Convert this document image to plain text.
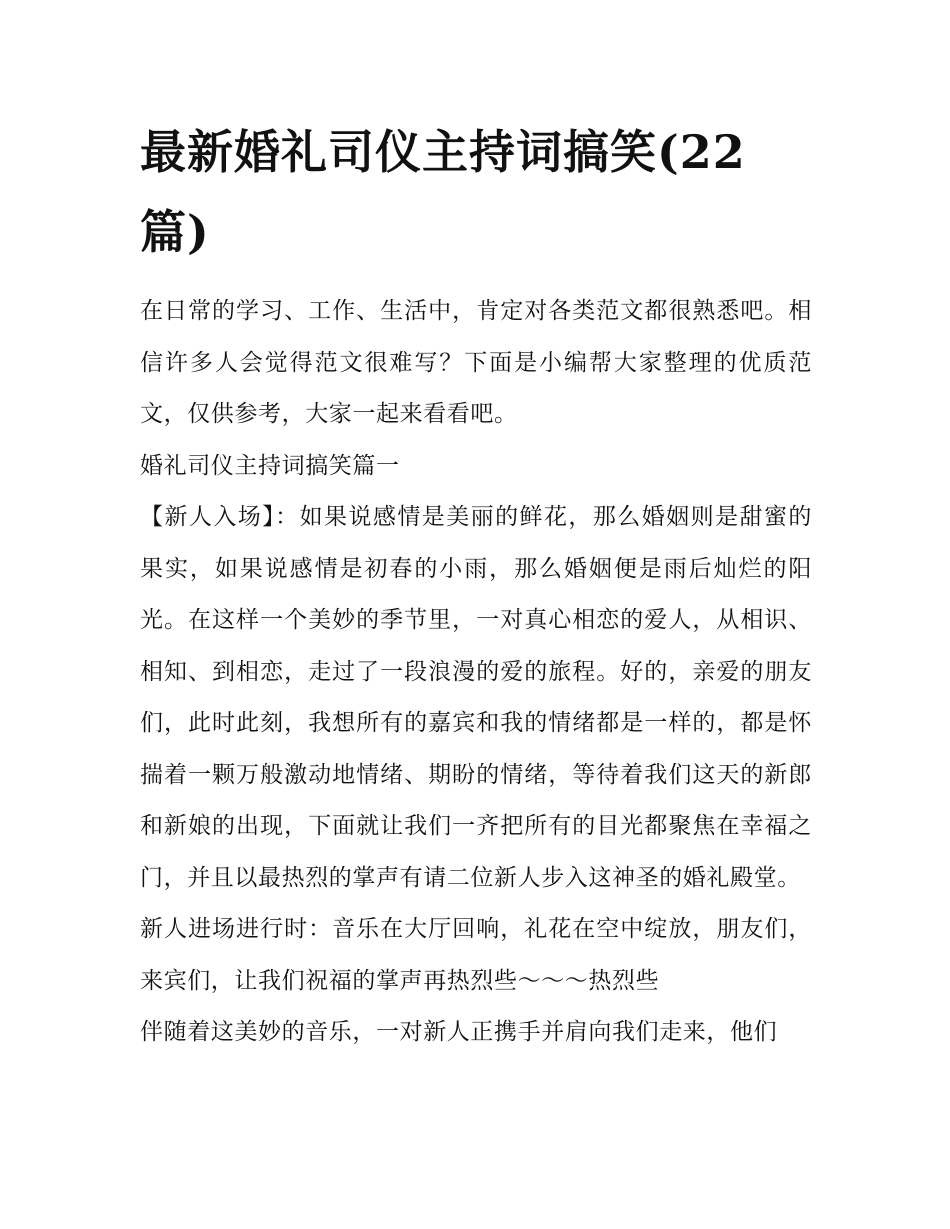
最新婚礼司仪主持词搞笑(22篇)

在日常的学习、工作、生活中，肯定对各类范文都很熟悉吧。相信许多人会觉得范文很难写？下面是小编帮大家整理的优质范文，仅供参考，大家一起来看看吧。

婚礼司仪主持词搞笑篇一

【新人入场】：如果说感情是美丽的鲜花，那么婚姻则是甜蜜的果实，如果说感情是初春的小雨，那么婚姻便是雨后灿烂的阳光。在这样一个美妙的季节里，一对真心相恋的爱人，从相识、相知、到相恋，走过了一段浪漫的爱的旅程。好的，亲爱的朋友们，此时此刻，我想所有的嘉宾和我的情绪都是一样的，都是怀揣着一颗万般激动地情绪、期盼的情绪，等待着我们这天的新郎和新娘的出现，下面就让我们一齐把所有的目光都聚焦在幸福之门，并且以最热烈的掌声有请二位新人步入这神圣的婚礼殿堂。

新人进场进行时：音乐在大厅回响，礼花在空中绽放，朋友们，来宾们，让我们祝福的掌声再热烈些～～～热烈些

伴随着这美妙的音乐，一对新人正携手并肩向我们走来，他们
